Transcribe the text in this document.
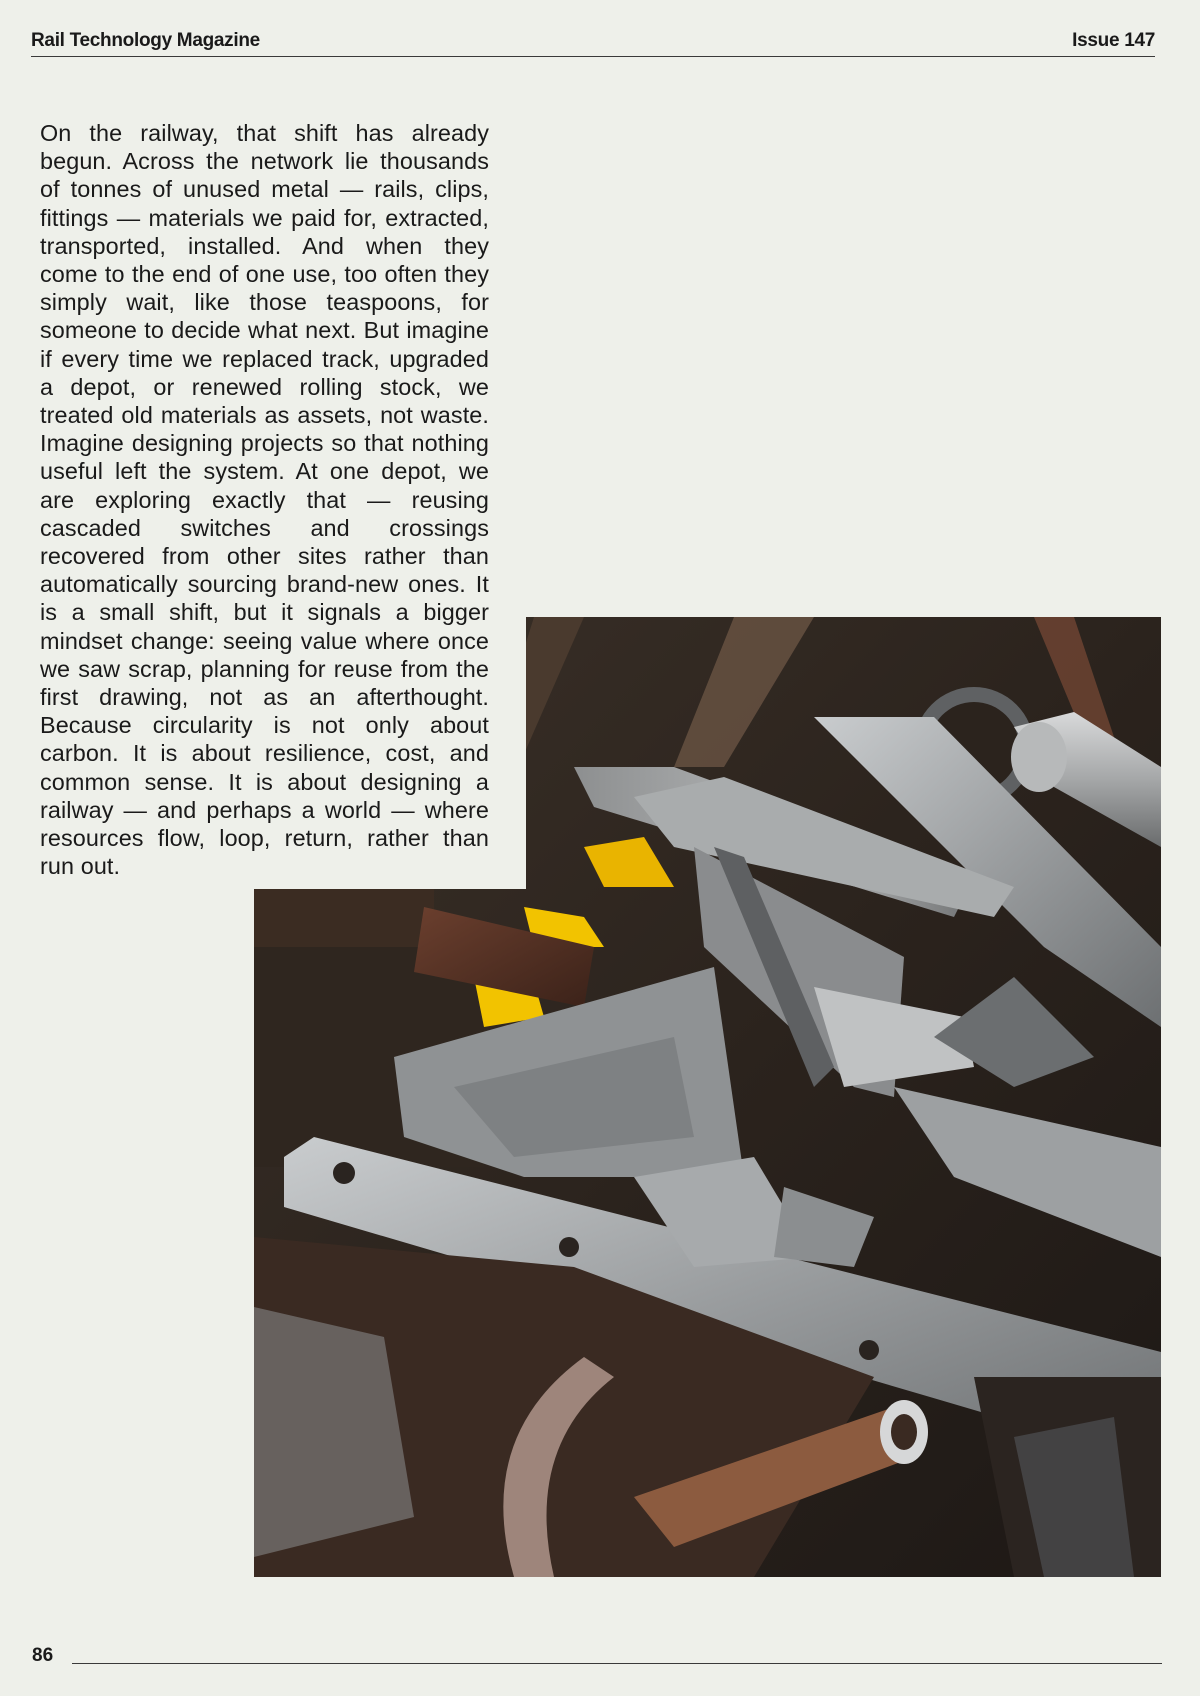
Rail Technology Magazine	Issue 147

On the railway, that shift has already begun. Across the network lie thousands of tonnes of unused metal — rails, clips, fittings — materials we paid for, extracted, transported, installed. And when they come to the end of one use, too often they simply wait, like those teaspoons, for someone to decide what next. But imagine if every time we replaced track, upgraded a depot, or renewed rolling stock, we treated old materials as assets, not waste. Imagine designing projects so that nothing useful left the system. At one depot, we are exploring exactly that — reusing cascaded switches and crossings recovered from other sites rather than automatically sourcing brand-new ones. It is a small shift, but it signals a bigger mindset change: seeing value where once we saw scrap, planning for reuse from the first drawing, not as an afterthought. Because circularity is not only about carbon. It is about resilience, cost, and common sense. It is about designing a railway — and perhaps a world — where resources flow, loop, return, rather than run out.

86
